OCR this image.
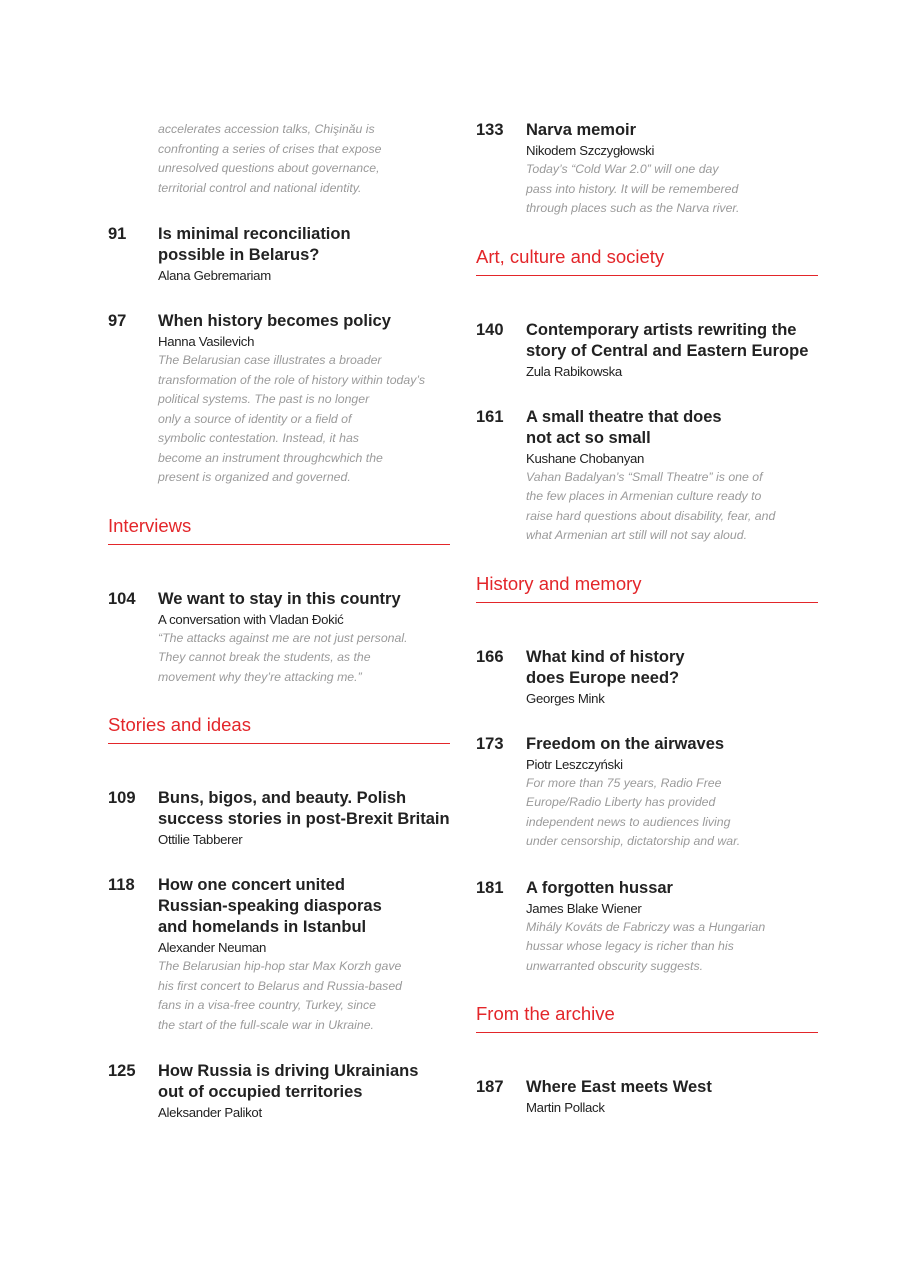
accelerates accession talks, Chişinău is
confronting a series of crises that expose
unresolved questions about governance,
territorial control and national identity.
91	Is minimal reconciliation
possible in Belarus?
Alana Gebremariam
97	When history becomes policy
Hanna Vasilevich
The Belarusian case illustrates a broader
transformation of the role of history within today’s
political systems. The past is no longer
only a source of identity or a field of
symbolic contestation. Instead, it has
become an instrument throughcwhich the
present is organized and governed.
Interviews
104	We want to stay in this country
A conversation with Vladan Đokić
“The attacks against me are not just personal.
They cannot break the students, as the
movement why they’re attacking me.”
Stories and ideas
109	Buns, bigos, and beauty. Polish
success stories in post-Brexit Britain
Ottilie Tabberer
118	How one concert united
Russian-speaking diasporas
and homelands in Istanbul
Alexander Neuman
The Belarusian hip-hop star Max Korzh gave
his first concert to Belarus and Russia-based
fans in a visa-free country, Turkey, since
the start of the full-scale war in Ukraine.
125	How Russia is driving Ukrainians
out of occupied territories
Aleksander Palikot
133	Narva memoir
Nikodem Szczygłowski
Today’s “Cold War 2.0” will one day
pass into history. It will be remembered
through places such as the Narva river.
Art, culture and society
140	Contemporary artists rewriting the
story of Central and Eastern Europe
Zula Rabikowska
161	A small theatre that does
not act so small
Kushane Chobanyan
Vahan Badalyan’s “Small Theatre” is one of
the few places in Armenian culture ready to
raise hard questions about disability, fear, and
what Armenian art still will not say aloud.
History and memory
166	What kind of history
does Europe need?
Georges Mink
173	Freedom on the airwaves
Piotr Leszczyński
For more than 75 years, Radio Free
Europe/Radio Liberty has provided
independent news to audiences living
under censorship, dictatorship and war.
181	A forgotten hussar
James Blake Wiener
Mihály Kováts de Fabriczy was a Hungarian
hussar whose legacy is richer than his
unwarranted obscurity suggests.
From the archive
187	Where East meets West
Martin Pollack
